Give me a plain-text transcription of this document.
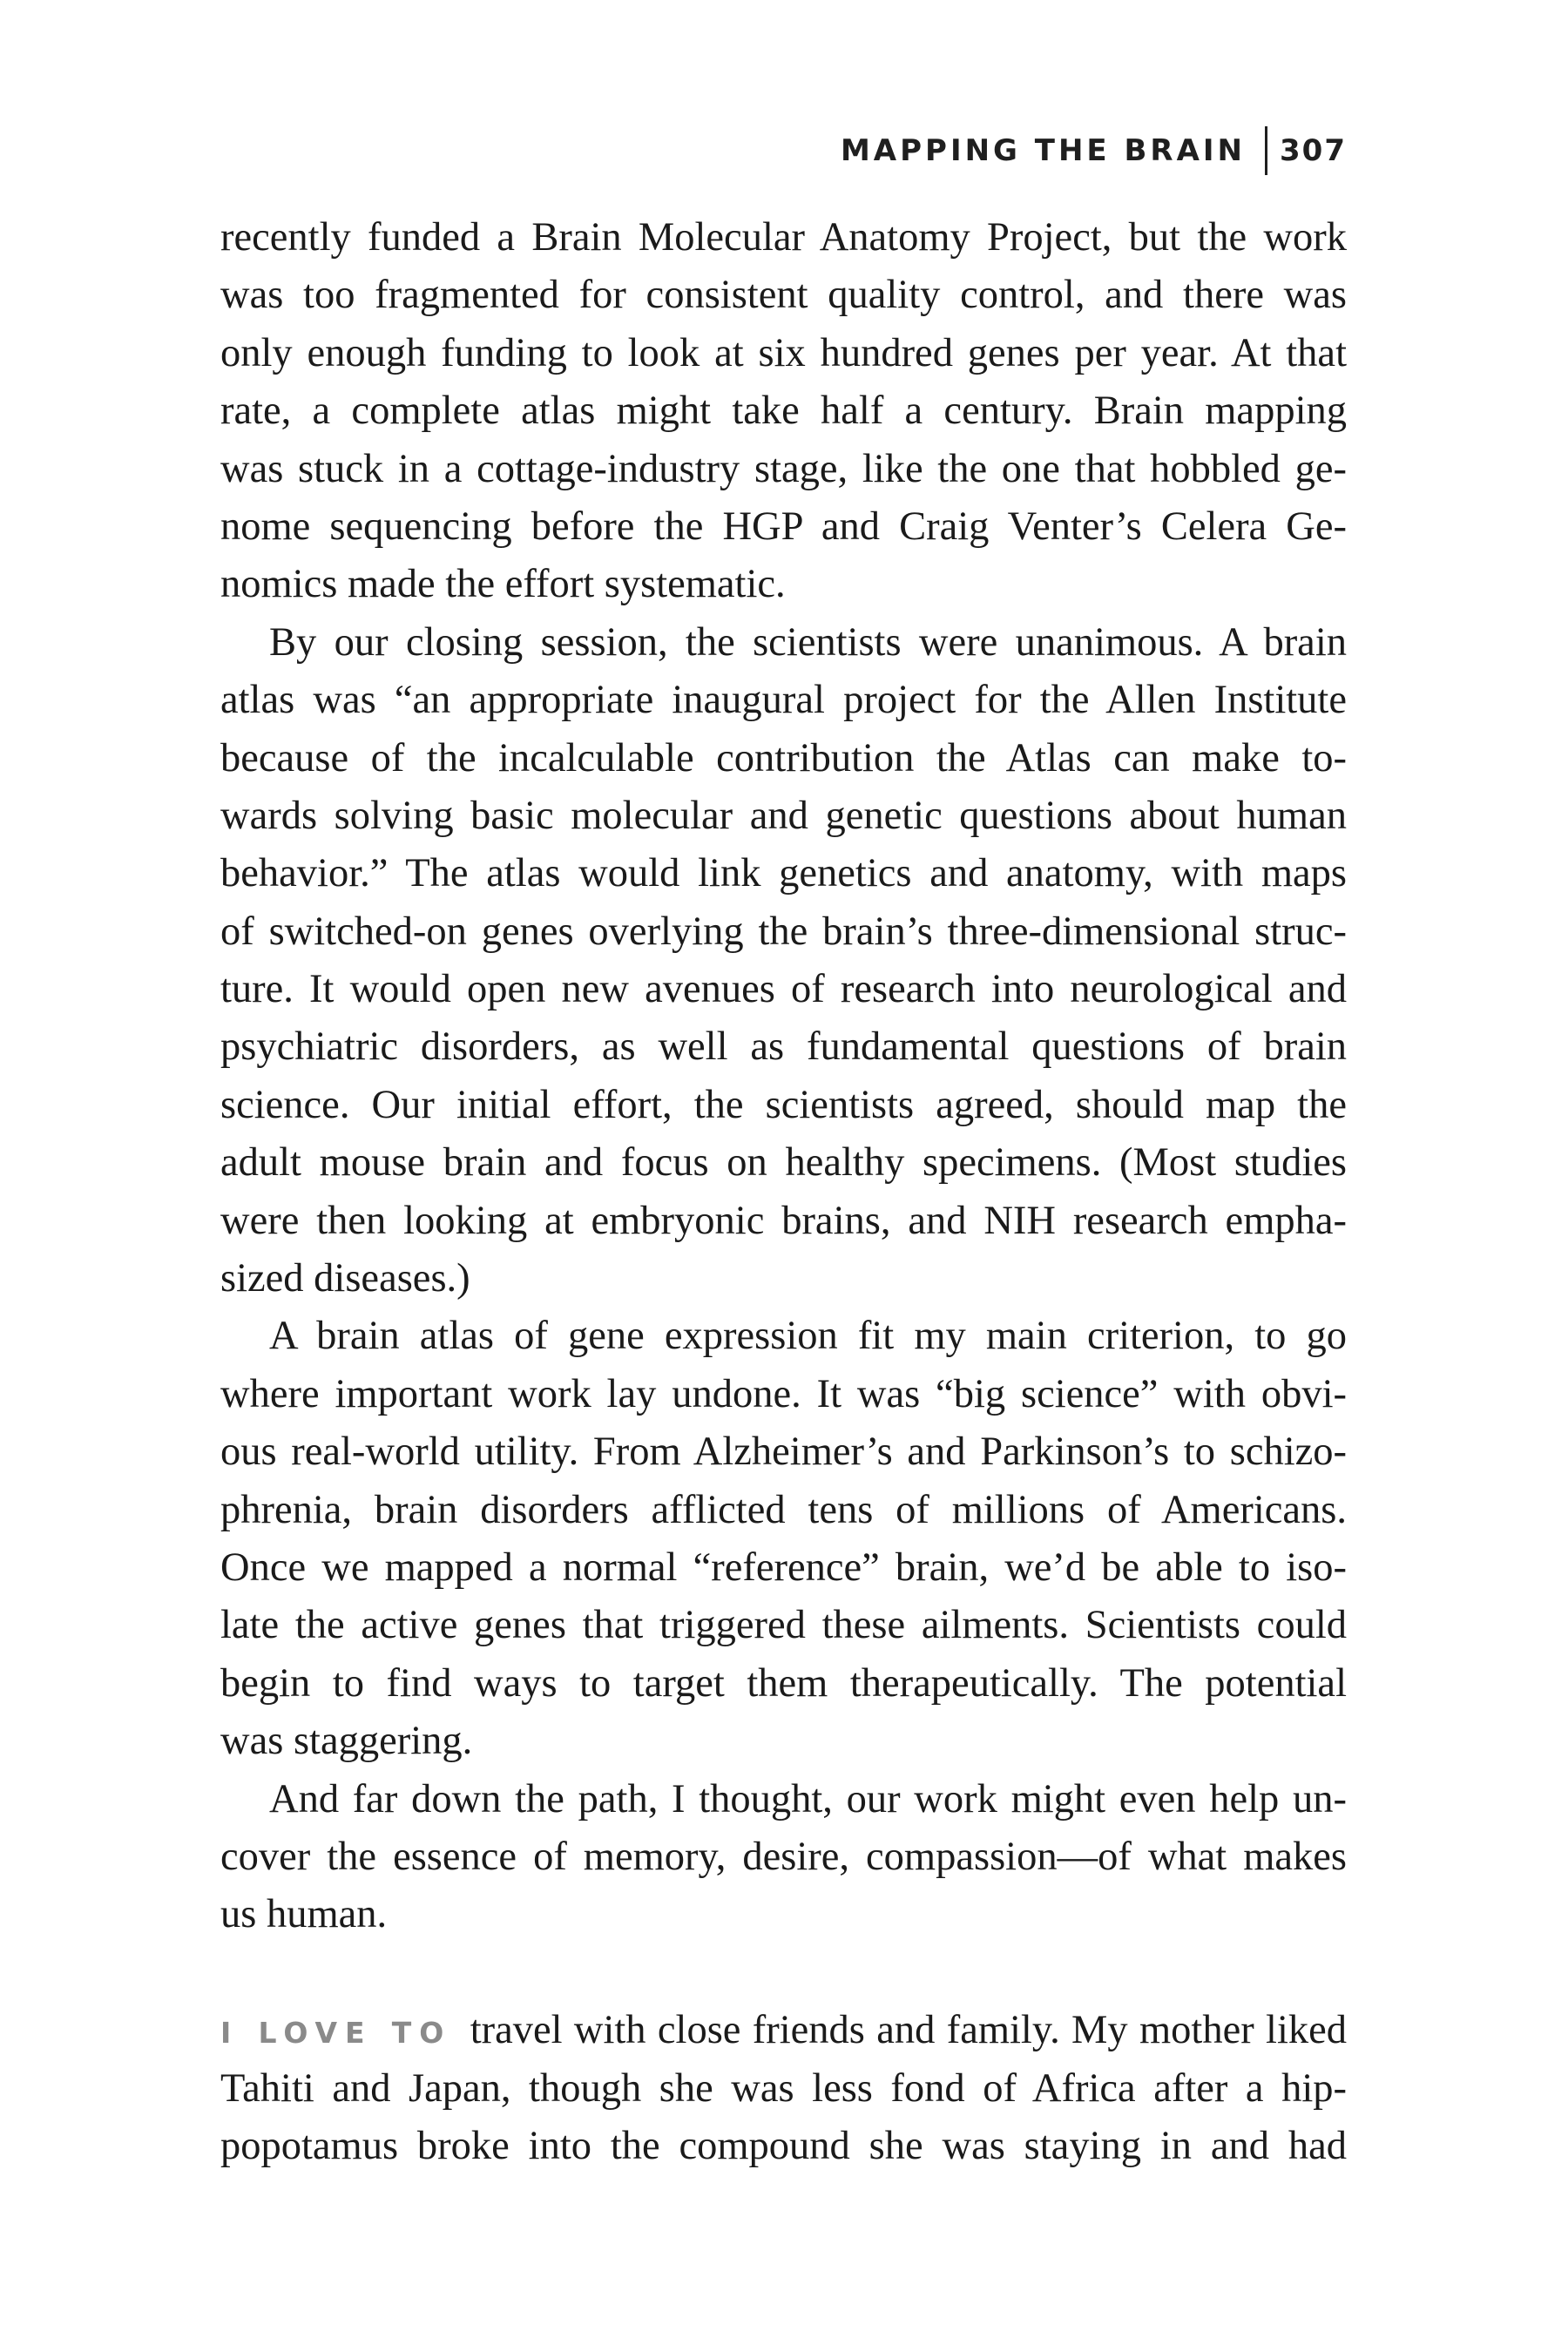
MAPPING THE BRAIN	307
recently funded a Brain Molecular Anatomy Project, but the work
was too fragmented for consistent quality control, and there was
only enough funding to look at six hundred genes per year. At that
rate, a complete atlas might take half a century. Brain mapping
was stuck in a cottage-industry stage, like the one that hobbled ge-
nome sequencing before the HGP and Craig Venter’s Celera Ge-
nomics made the effort systematic.
By our closing session, the scientists were unanimous. A brain
atlas was “an appropriate inaugural project for the Allen Institute
because of the incalculable contribution the Atlas can make to-
wards solving basic molecular and genetic questions about human
behavior.” The atlas would link genetics and anatomy, with maps
of switched-on genes overlying the brain’s three-dimensional struc-
ture. It would open new avenues of research into neurological and
psychiatric disorders, as well as fundamental questions of brain
science. Our initial effort, the scientists agreed, should map the
adult mouse brain and focus on healthy specimens. (Most studies
were then looking at embryonic brains, and NIH research empha-
sized diseases.)
A brain atlas of gene expression fit my main criterion, to go
where important work lay undone. It was “big science” with obvi-
ous real-world utility. From Alzheimer’s and Parkinson’s to schizo-
phrenia, brain disorders afflicted tens of millions of Americans.
Once we mapped a normal “reference” brain, we’d be able to iso-
late the active genes that triggered these ailments. Scientists could
begin to find ways to target them therapeutically. The potential
was staggering.
And far down the path, I thought, our work might even help un-
cover the essence of memory, desire, compassion—of what makes
us human.
I LOVE TO travel with close friends and family. My mother liked
Tahiti and Japan, though she was less fond of Africa after a hip-
popotamus broke into the compound she was staying in and had
